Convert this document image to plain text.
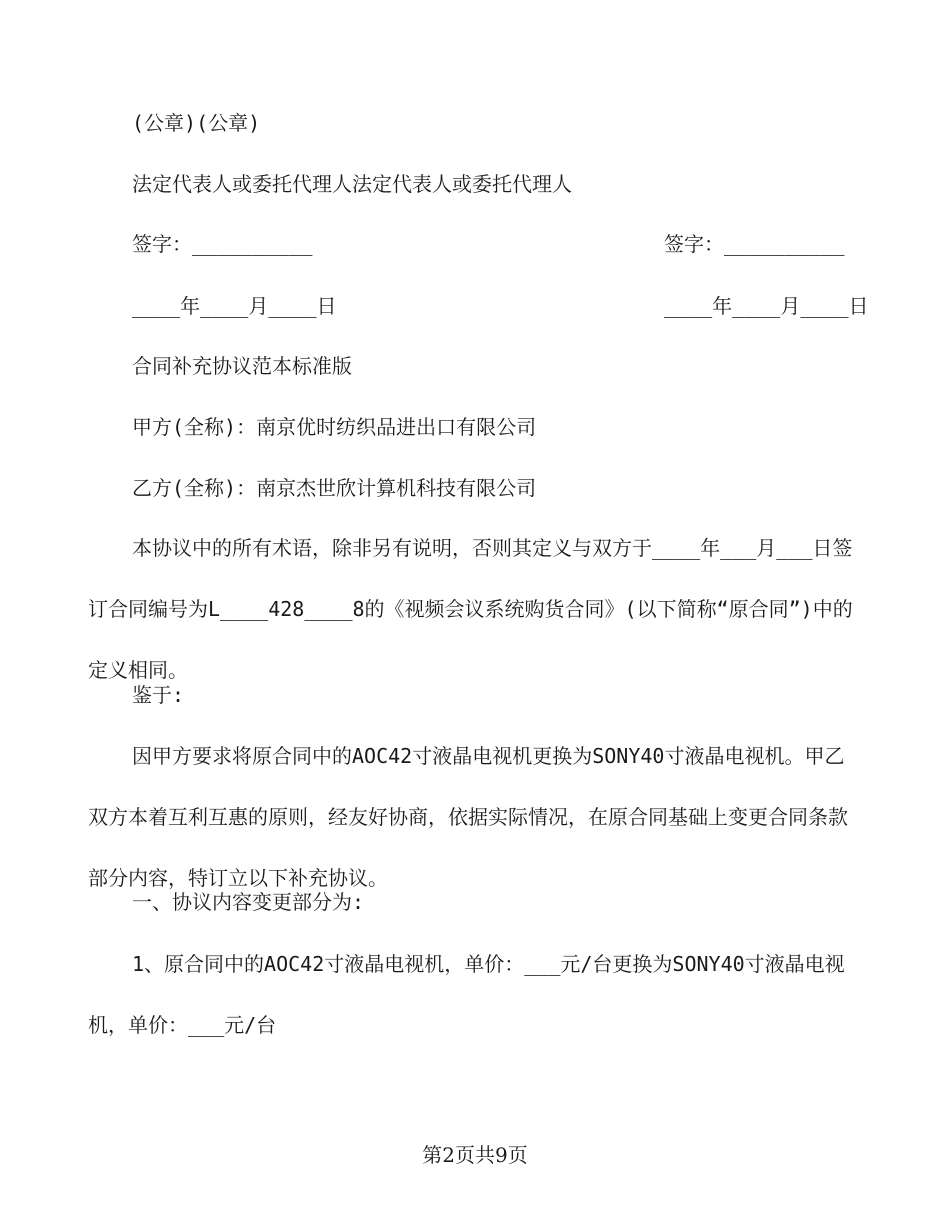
(公章)(公章)
法定代表人或委托代理人法定代表人或委托代理人
签字：__________	签字：__________
____年____月____日	____年____月____日
合同补充协议范本标准版
甲方(全称)：南京优时纺织品进出口有限公司
乙方(全称)：南京杰世欣计算机科技有限公司
本协议中的所有术语，除非另有说明，否则其定义与双方于____年___月___日签订合同编号为L____428____8的《视频会议系统购货合同》(以下简称“原合同”)中的定义相同。
鉴于:
因甲方要求将原合同中的AOC42寸液晶电视机更换为SONY40寸液晶电视机。甲乙双方本着互利互惠的原则，经友好协商，依据实际情况，在原合同基础上变更合同条款部分内容，特订立以下补充协议。
一、协议内容变更部分为:
1、原合同中的AOC42寸液晶电视机，单价：___元/台更换为SONY40寸液晶电视机，单价：___元/台
第2页共9页
